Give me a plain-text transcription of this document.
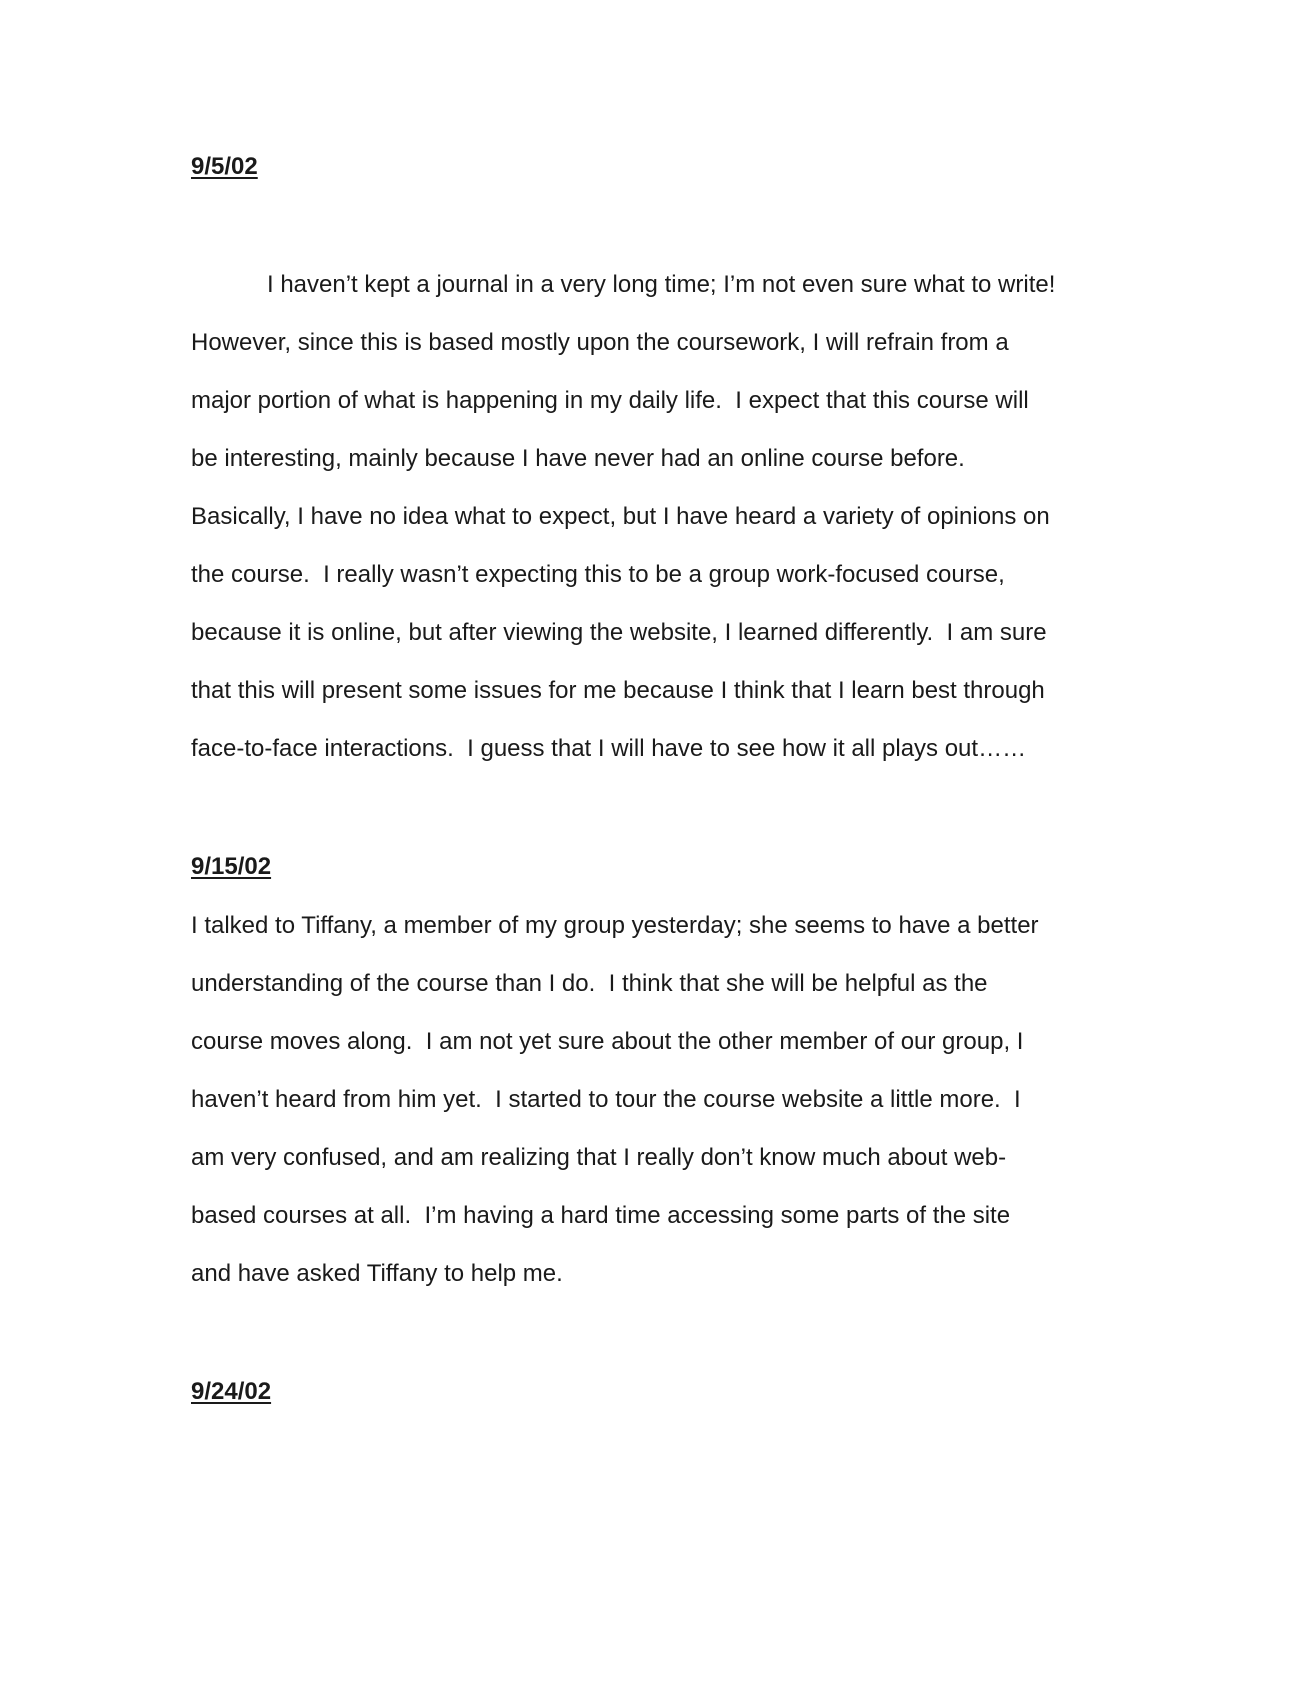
9/5/02

I haven’t kept a journal in a very long time; I’m not even sure what to write!

However, since this is based mostly upon the coursework, I will refrain from a

major portion of what is happening in my daily life.  I expect that this course will

be interesting, mainly because I have never had an online course before.

Basically, I have no idea what to expect, but I have heard a variety of opinions on

the course.  I really wasn’t expecting this to be a group work-focused course,

because it is online, but after viewing the website, I learned differently.  I am sure

that this will present some issues for me because I think that I learn best through

face-to-face interactions.  I guess that I will have to see how it all plays out……

9/15/02

I talked to Tiffany, a member of my group yesterday; she seems to have a better

understanding of the course than I do.  I think that she will be helpful as the

course moves along.  I am not yet sure about the other member of our group, I

haven’t heard from him yet.  I started to tour the course website a little more.  I

am very confused, and am realizing that I really don’t know much about web-

based courses at all.  I’m having a hard time accessing some parts of the site

and have asked Tiffany to help me.

9/24/02
